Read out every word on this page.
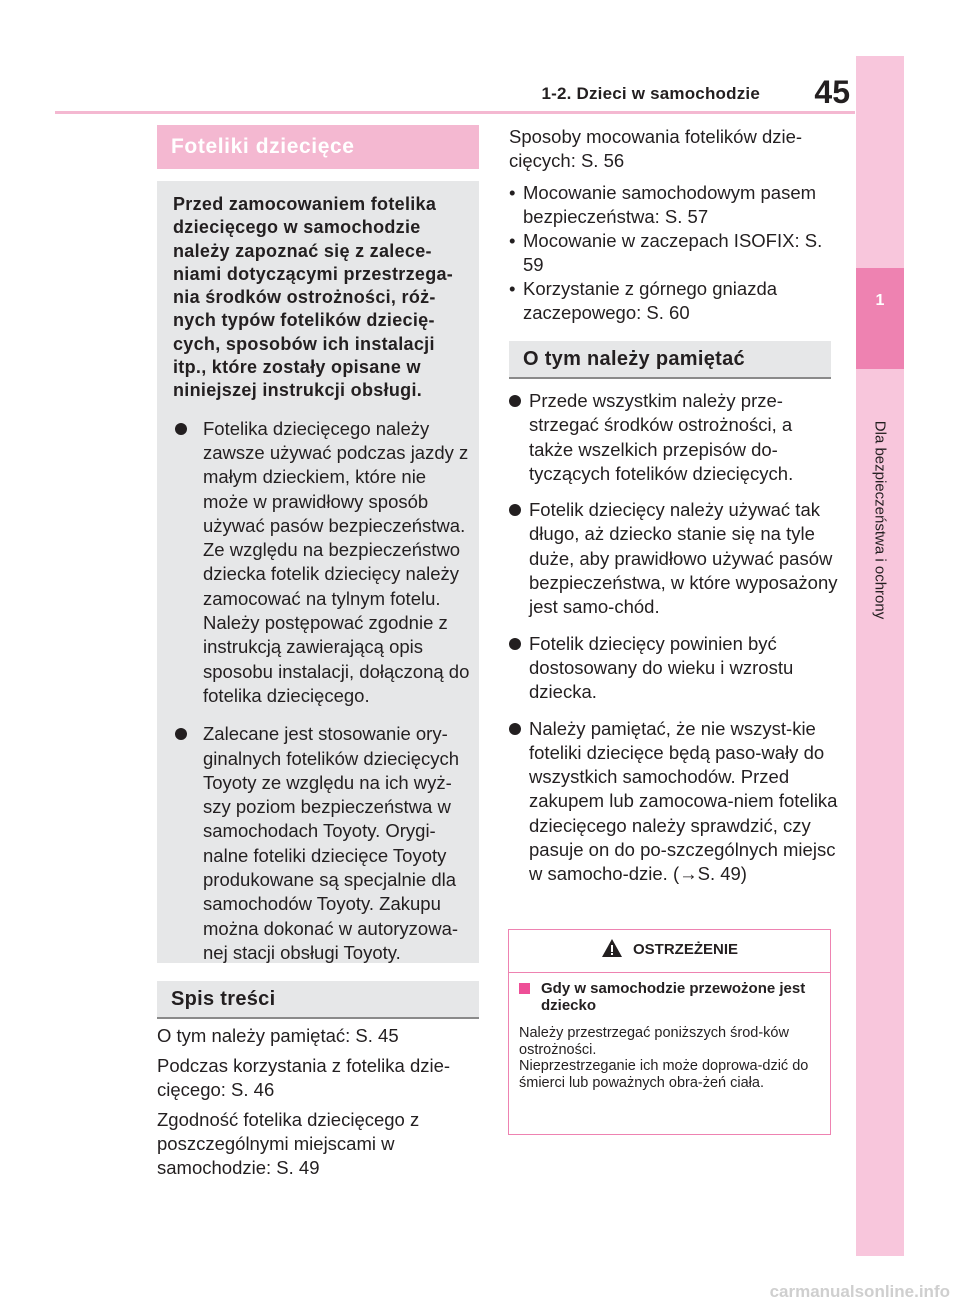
1-2. Dzieci w samochodzie	45
1
Dla bezpieczeństwa i ochrony
Foteliki dziecięce
Przed zamocowaniem fotelika dziecięcego w samochodzie należy zapoznać się z zalece-niami dotyczącymi przestrzega-nia środków ostrożności, róż-nych typów fotelików dziecię-cych, sposobów ich instalacji itp., które zostały opisane w niniejszej instrukcji obsługi.
Fotelika dziecięcego należy zawsze używać podczas jazdy z małym dzieckiem, które nie może w prawidłowy sposób używać pasów bezpieczeństwa. Ze względu na bezpieczeństwo dziecka fotelik dziecięcy należy zamocować na tylnym fotelu. Należy postępować zgodnie z instrukcją zawierającą opis sposobu instalacji, dołączoną do fotelika dziecięcego.
Zalecane jest stosowanie ory-ginalnych fotelików dziecięcych Toyoty ze względu na ich wyż-szy poziom bezpieczeństwa w samochodach Toyoty. Orygi-nalne foteliki dziecięce Toyoty produkowane są specjalnie dla samochodów Toyoty. Zakupu można dokonać w autoryzowa-nej stacji obsługi Toyoty.
Spis treści
O tym należy pamiętać: S. 45
Podczas korzystania z fotelika dzie-cięcego: S. 46
Zgodność fotelika dziecięcego z poszczególnymi miejscami w samochodzie: S. 49
Sposoby mocowania fotelików dzie-cięcych: S. 56
• Mocowanie samochodowym pasem bezpieczeństwa: S. 57
• Mocowanie w zaczepach ISOFIX: S. 59
• Korzystanie z górnego gniazda zaczepowego: S. 60
O tym należy pamiętać
Przede wszystkim należy prze-strzegać środków ostrożności, a także wszelkich przepisów do-tyczących fotelików dziecięcych.
Fotelik dziecięcy należy używać tak długo, aż dziecko stanie się na tyle duże, aby prawidłowo używać pasów bezpieczeństwa, w które wyposażony jest samo-chód.
Fotelik dziecięcy powinien być dostosowany do wieku i wzrostu dziecka.
Należy pamiętać, że nie wszyst-kie foteliki dziecięce będą paso-wały do wszystkich samochodów. Przed zakupem lub zamocowa-niem fotelika dziecięcego należy sprawdzić, czy pasuje on do po-szczególnych miejsc w samocho-dzie. (→S. 49)
OSTRZEŻENIE
Gdy w samochodzie przewożone jest dziecko
Należy przestrzegać poniższych środ-ków ostrożności.
Nieprzestrzeganie ich może doprowa-dzić do śmierci lub poważnych obra-żeń ciała.
carmanualsonline.info
